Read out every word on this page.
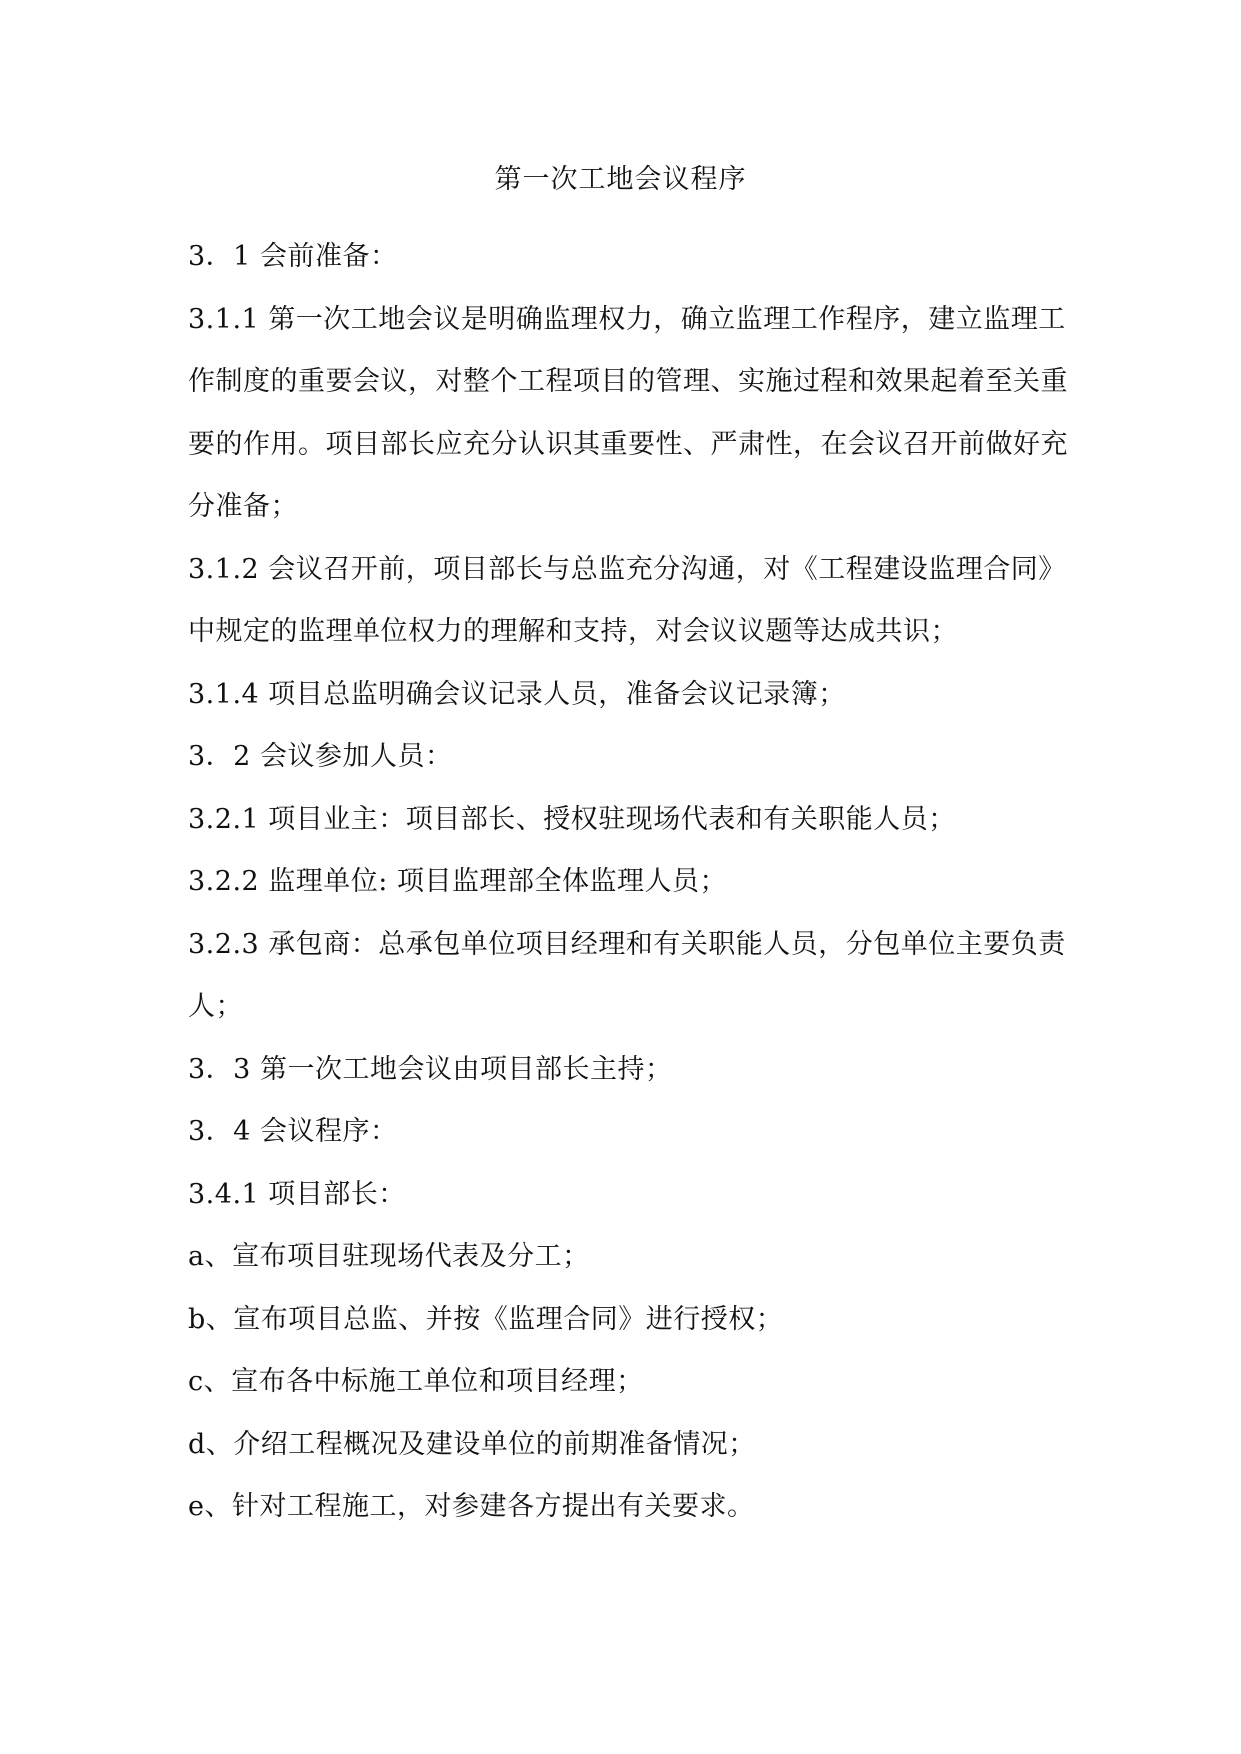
第一次工地会议程序

3．1 会前准备：

3.1.1 第一次工地会议是明确监理权力，确立监理工作程序，建立监理工作制度的重要会议，对整个工程项目的管理、实施过程和效果起着至关重要的作用。项目部长应充分认识其重要性、严肃性，在会议召开前做好充分准备；

3.1.2 会议召开前，项目部长与总监充分沟通，对《工程建设监理合同》中规定的监理单位权力的理解和支持，对会议议题等达成共识；

3.1.4 项目总监明确会议记录人员，准备会议记录簿；

3．2 会议参加人员：

3.2.1 项目业主：项目部长、授权驻现场代表和有关职能人员；

3.2.2 监理单位: 项目监理部全体监理人员；

3.2.3 承包商：总承包单位项目经理和有关职能人员，分包单位主要负责人；

3．3 第一次工地会议由项目部长主持；

3．4 会议程序：

3.4.1 项目部长：

a、宣布项目驻现场代表及分工；

b、宣布项目总监、并按《监理合同》进行授权；

c、宣布各中标施工单位和项目经理；

d、介绍工程概况及建设单位的前期准备情况；

e、针对工程施工，对参建各方提出有关要求。
